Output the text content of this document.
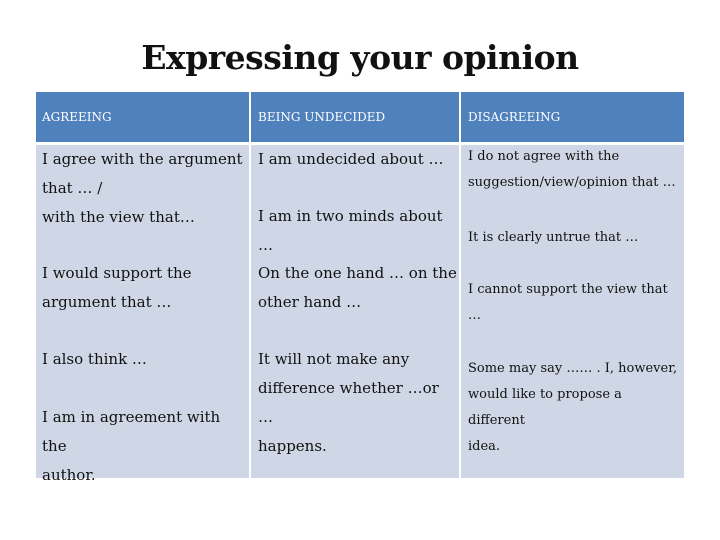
Expressing your opinion
AGREEING	BEING UNDECIDED	DISAGREEING
I agree with the argument
that … /
with the view that…
I would support the
argument that …
I also think …
I am in agreement with the
author.
I am undecided about …
I am in two minds about …
On the one hand … on the
other hand …
It will not make any
difference whether …or …
happens.
I do not agree with the
suggestion/view/opinion that …
It is clearly untrue that …
I cannot support the view that
…
Some may say …… . I, however,
would like to propose a different
idea.
